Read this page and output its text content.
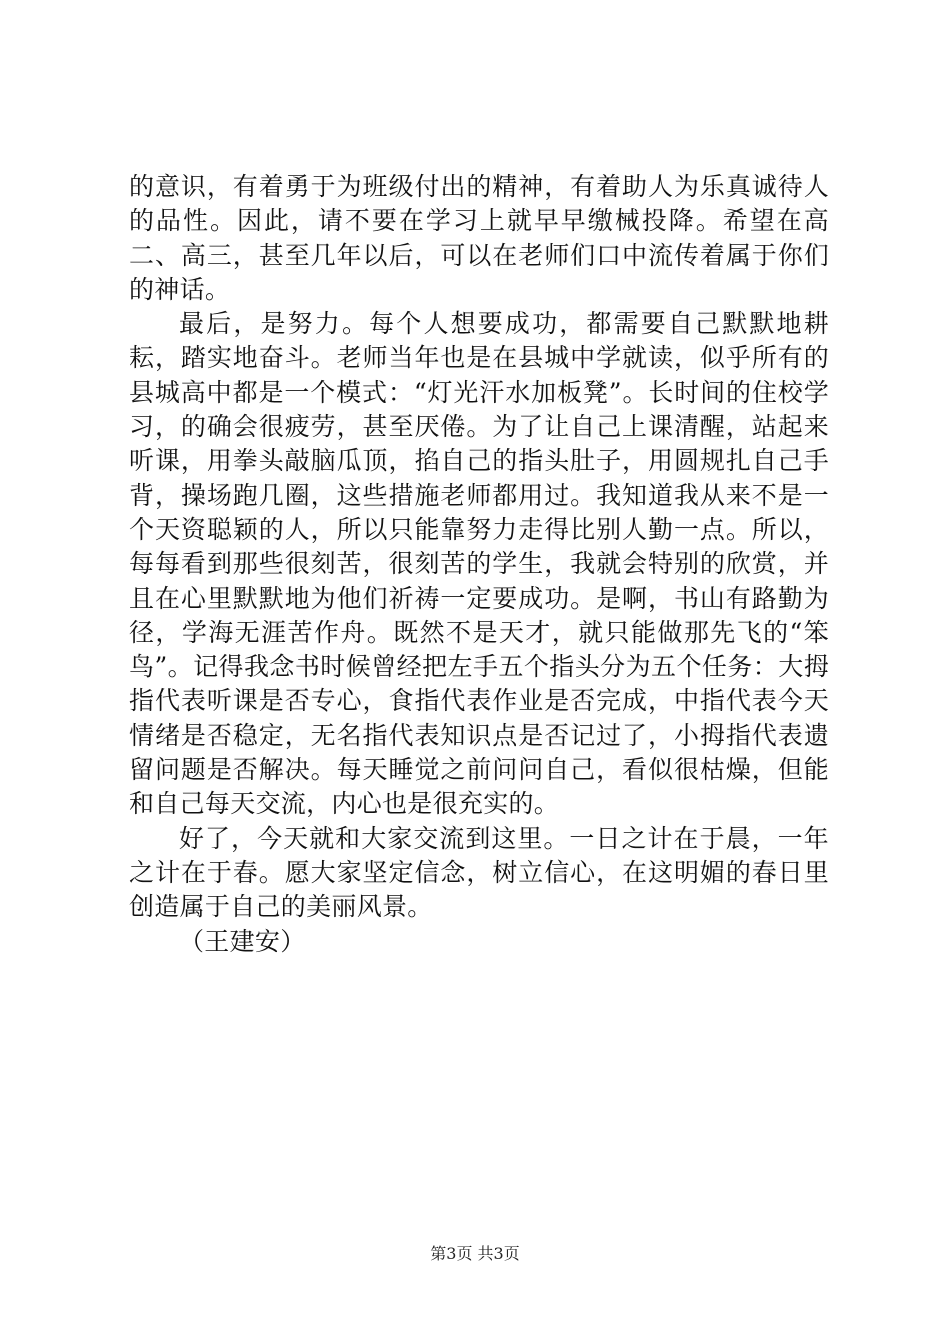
的意识，有着勇于为班级付出的精神，有着助人为乐真诚待人的品性。因此，请不要在学习上就早早缴械投降。希望在高二、高三，甚至几年以后，可以在老师们口中流传着属于你们的神话。

最后，是努力。每个人想要成功，都需要自己默默地耕耘，踏实地奋斗。老师当年也是在县城中学就读，似乎所有的县城高中都是一个模式：“灯光汗水加板凳”。长时间的住校学习，的确会很疲劳，甚至厌倦。为了让自己上课清醒，站起来听课，用拳头敲脑瓜顶，掐自己的指头肚子，用圆规扎自己手背，操场跑几圈，这些措施老师都用过。我知道我从来不是一个天资聪颖的人，所以只能靠努力走得比别人勤一点。所以，每每看到那些很刻苦，很刻苦的学生，我就会特别的欣赏，并且在心里默默地为他们祈祷一定要成功。是啊，书山有路勤为径，学海无涯苦作舟。既然不是天才，就只能做那先飞的“笨鸟”。记得我念书时候曾经把左手五个指头分为五个任务：大拇指代表听课是否专心，食指代表作业是否完成，中指代表今天情绪是否稳定，无名指代表知识点是否记过了，小拇指代表遗留问题是否解决。每天睡觉之前问问自己，看似很枯燥，但能和自己每天交流，内心也是很充实的。

好了，今天就和大家交流到这里。一日之计在于晨，一年之计在于春。愿大家坚定信念，树立信心，在这明媚的春日里创造属于自己的美丽风景。

（王建安）

第3页 共3页
